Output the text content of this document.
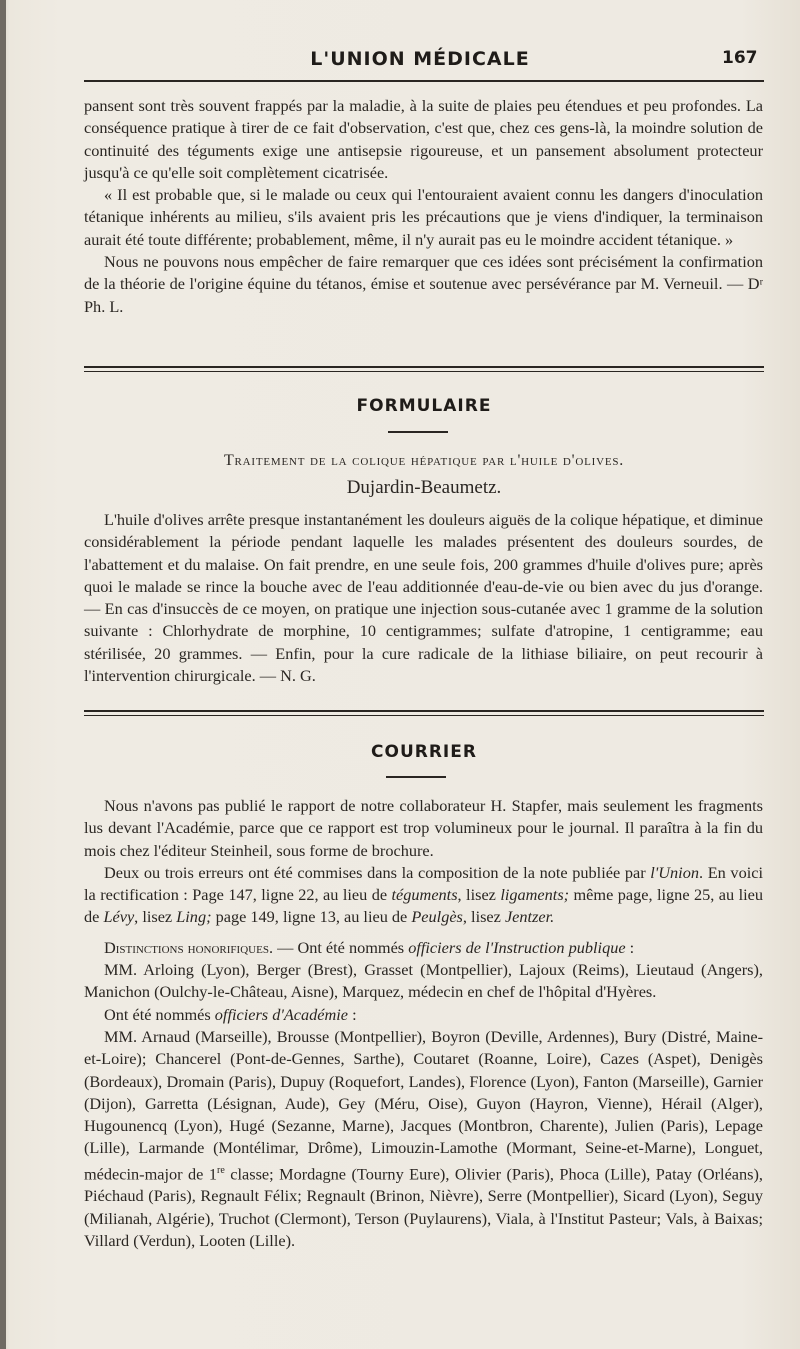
L'UNION MÉDICALE	167

pansent sont très souvent frappés par la maladie, à la suite de plaies peu étendues et peu profondes. La conséquence pratique à tirer de ce fait d'observation, c'est que, chez ces gens-là, la moindre solution de continuité des téguments exige une antisepsie rigoureuse, et un pansement absolument protecteur jusqu'à ce qu'elle soit complètement cicatrisée.

« Il est probable que, si le malade ou ceux qui l'entouraient avaient connu les dangers d'inoculation tétanique inhérents au milieu, s'ils avaient pris les précautions que je viens d'indiquer, la terminaison aurait été toute différente; probablement, même, il n'y aurait pas eu le moindre accident tétanique. »

Nous ne pouvons nous empêcher de faire remarquer que ces idées sont précisément la confirmation de la théorie de l'origine équine du tétanos, émise et soutenue avec persévérance par M. Verneuil. — Dʳ Ph. L.

FORMULAIRE
Traitement de la colique hépatique par l'huile d'olives.
Dujardin-Beaumetz.

L'huile d'olives arrête presque instantanément les douleurs aiguës de la colique hépatique, et diminue considérablement la période pendant laquelle les malades présentent des douleurs sourdes, de l'abattement et du malaise. On fait prendre, en une seule fois, 200 grammes d'huile d'olives pure; après quoi le malade se rince la bouche avec de l'eau additionnée d'eau-de-vie ou bien avec du jus d'orange. — En cas d'insuccès de ce moyen, on pratique une injection sous-cutanée avec 1 gramme de la solution suivante : Chlorhydrate de morphine, 10 centigrammes; sulfate d'atropine, 1 centigramme; eau stérilisée, 20 grammes. — Enfin, pour la cure radicale de la lithiase biliaire, on peut recourir à l'intervention chirurgicale. — N. G.

COURRIER

Nous n'avons pas publié le rapport de notre collaborateur H. Stapfer, mais seulement les fragments lus devant l'Académie, parce que ce rapport est trop volumineux pour le journal. Il paraîtra à la fin du mois chez l'éditeur Steinheil, sous forme de brochure.

Deux ou trois erreurs ont été commises dans la composition de la note publiée par l'Union. En voici la rectification : Page 147, ligne 22, au lieu de téguments, lisez ligaments; même page, ligne 25, au lieu de Lévy, lisez Ling; page 149, ligne 13, au lieu de Peulgès, lisez Jentzer.

Distinctions honorifiques. — Ont été nommés officiers de l'Instruction publique :

MM. Arloing (Lyon), Berger (Brest), Grasset (Montpellier), Lajoux (Reims), Lieutaud (Angers), Manichon (Oulchy-le-Château, Aisne), Marquez, médecin en chef de l'hôpital d'Hyères.

Ont été nommés officiers d'Académie :

MM. Arnaud (Marseille), Brousse (Montpellier), Boyron (Deville, Ardennes), Bury (Distré, Maine-et-Loire); Chancerel (Pont-de-Gennes, Sarthe), Coutaret (Roanne, Loire), Cazes (Aspet), Denigès (Bordeaux), Dromain (Paris), Dupuy (Roquefort, Landes), Florence (Lyon), Fanton (Marseille), Garnier (Dijon), Garretta (Lésignan, Aude), Gey (Méru, Oise), Guyon (Hayron, Vienne), Hérail (Alger), Hugounencq (Lyon), Hugé (Sezanne, Marne), Jacques (Montbron, Charente), Julien (Paris), Lepage (Lille), Larmande (Montélimar, Drôme), Limouzin-Lamothe (Mormant, Seine-et-Marne), Longuet, médecin-major de 1re classe; Mordagne (Tourny Eure), Olivier (Paris), Phoca (Lille), Patay (Orléans), Piéchaud (Paris), Regnault Félix; Regnault (Brinon, Nièvre), Serre (Montpellier), Sicard (Lyon), Seguy (Milianah, Algérie), Truchot (Clermont), Terson (Puylaurens), Viala, à l'Institut Pasteur; Vals, à Baixas; Villard (Verdun), Looten (Lille).
